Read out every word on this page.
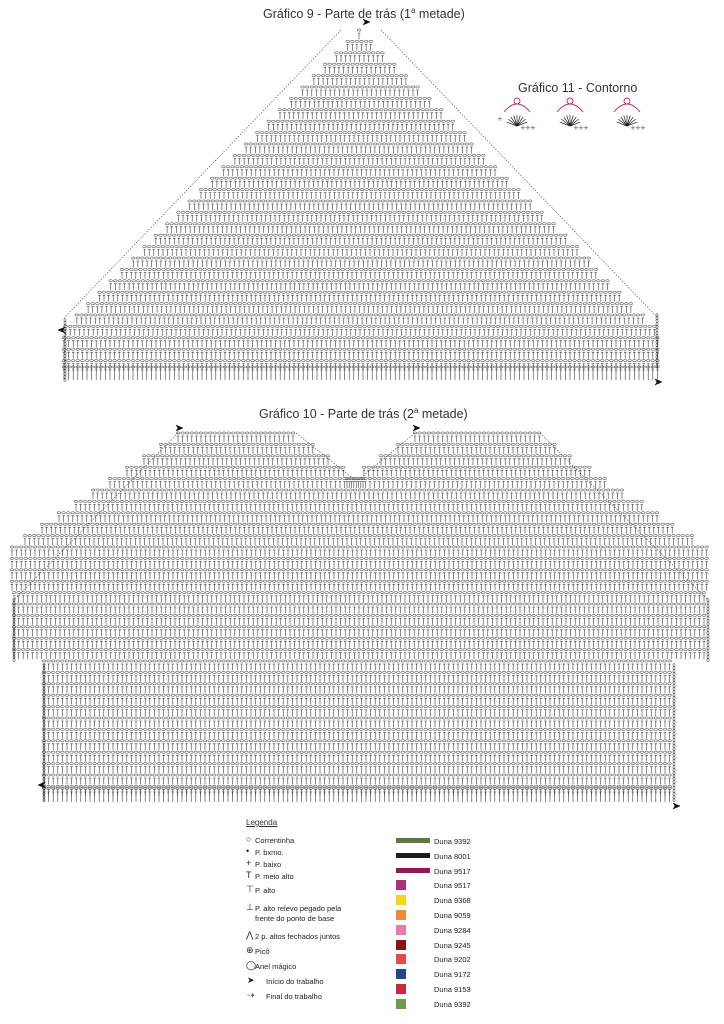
+ + +	+ + +	+ + +
+
Gráfico 9 - Parte de trás (1$^a$ metade)
Gráfico 11 - Contorno
Gráfico 10 - Parte de trás (2$^a$ metade)
Legenda
○ Correntinha
• P. bxmo.
+ P. baixo
T P. meio alto
⊤ P. alto
⊥ P. alto relevo pegado pela
frente do ponto de base
⋀ 2 p. altos fechados juntos
⊕ Picô
◯
Anel mágico
➤ Início do trabalho
⇢ Final do trabalho
Duna 9392
Duna 8001
Duna 9517
Duna 9517
Duna 9368
Duna 9059
Duna 9284
Duna 9245
Duna 9202
Duna 9172
Duna 9153
Duna 9392
